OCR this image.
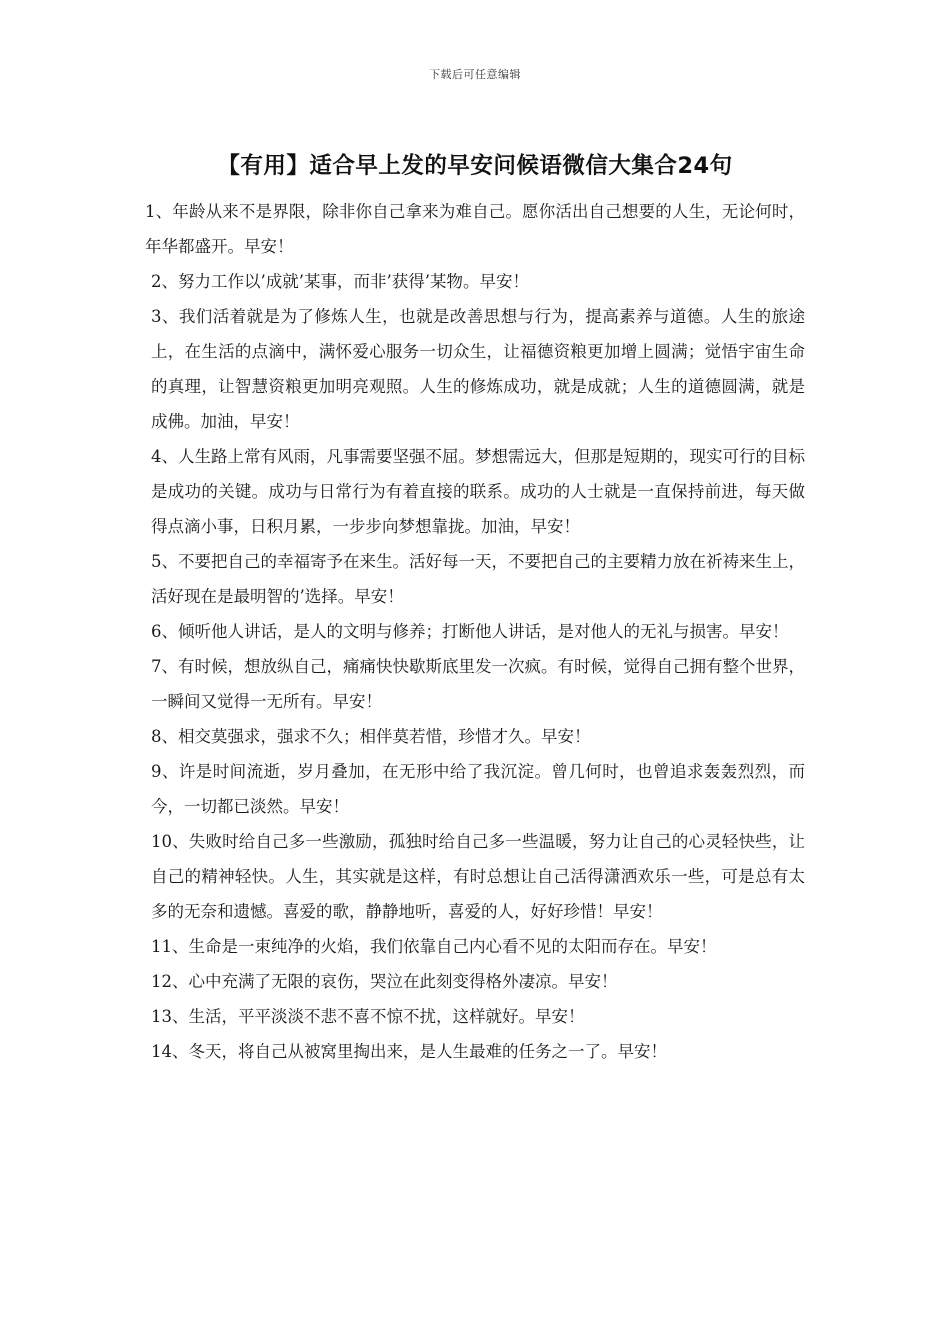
下载后可任意编辑
【有用】适合早上发的早安问候语微信大集合24句

1、年龄从来不是界限，除非你自己拿来为难自己。愿你活出自己想要的人生，无论何时，年华都盛开。早安！

2、努力工作以’成就’某事，而非’获得’某物。早安！

3、我们活着就是为了修炼人生，也就是改善思想与行为，提高素养与道德。人生的旅途上，在生活的点滴中，满怀爱心服务一切众生，让福德资粮更加增上圆满；觉悟宇宙生命的真理，让智慧资粮更加明亮观照。人生的修炼成功，就是成就；人生的道德圆满，就是成佛。加油，早安！

4、人生路上常有风雨，凡事需要坚强不屈。梦想需远大，但那是短期的，现实可行的目标是成功的关键。成功与日常行为有着直接的联系。成功的人士就是一直保持前进，每天做得点滴小事，日积月累，一步步向梦想靠拢。加油，早安！

5、不要把自己的幸福寄予在来生。活好每一天，不要把自己的主要精力放在祈祷来生上，活好现在是最明智的’选择。早安！

6、倾听他人讲话，是人的文明与修养；打断他人讲话，是对他人的无礼与损害。早安！

7、有时候，想放纵自己，痛痛快快歇斯底里发一次疯。有时候，觉得自己拥有整个世界，一瞬间又觉得一无所有。早安！

8、相交莫强求，强求不久；相伴莫若惜，珍惜才久。早安！

9、许是时间流逝，岁月叠加，在无形中给了我沉淀。曾几何时，也曾追求轰轰烈烈，而今，一切都已淡然。早安！

10、失败时给自己多一些激励，孤独时给自己多一些温暖，努力让自己的心灵轻快些，让自己的精神轻快。人生，其实就是这样，有时总想让自己活得潇洒欢乐一些，可是总有太多的无奈和遗憾。喜爱的歌，静静地听，喜爱的人，好好珍惜！早安！

11、生命是一束纯净的火焰，我们依靠自己内心看不见的太阳而存在。早安！

12、心中充满了无限的哀伤，哭泣在此刻变得格外凄凉。早安！

13、生活，平平淡淡不悲不喜不惊不扰，这样就好。早安！

14、冬天，将自己从被窝里掏出来，是人生最难的任务之一了。早安！
